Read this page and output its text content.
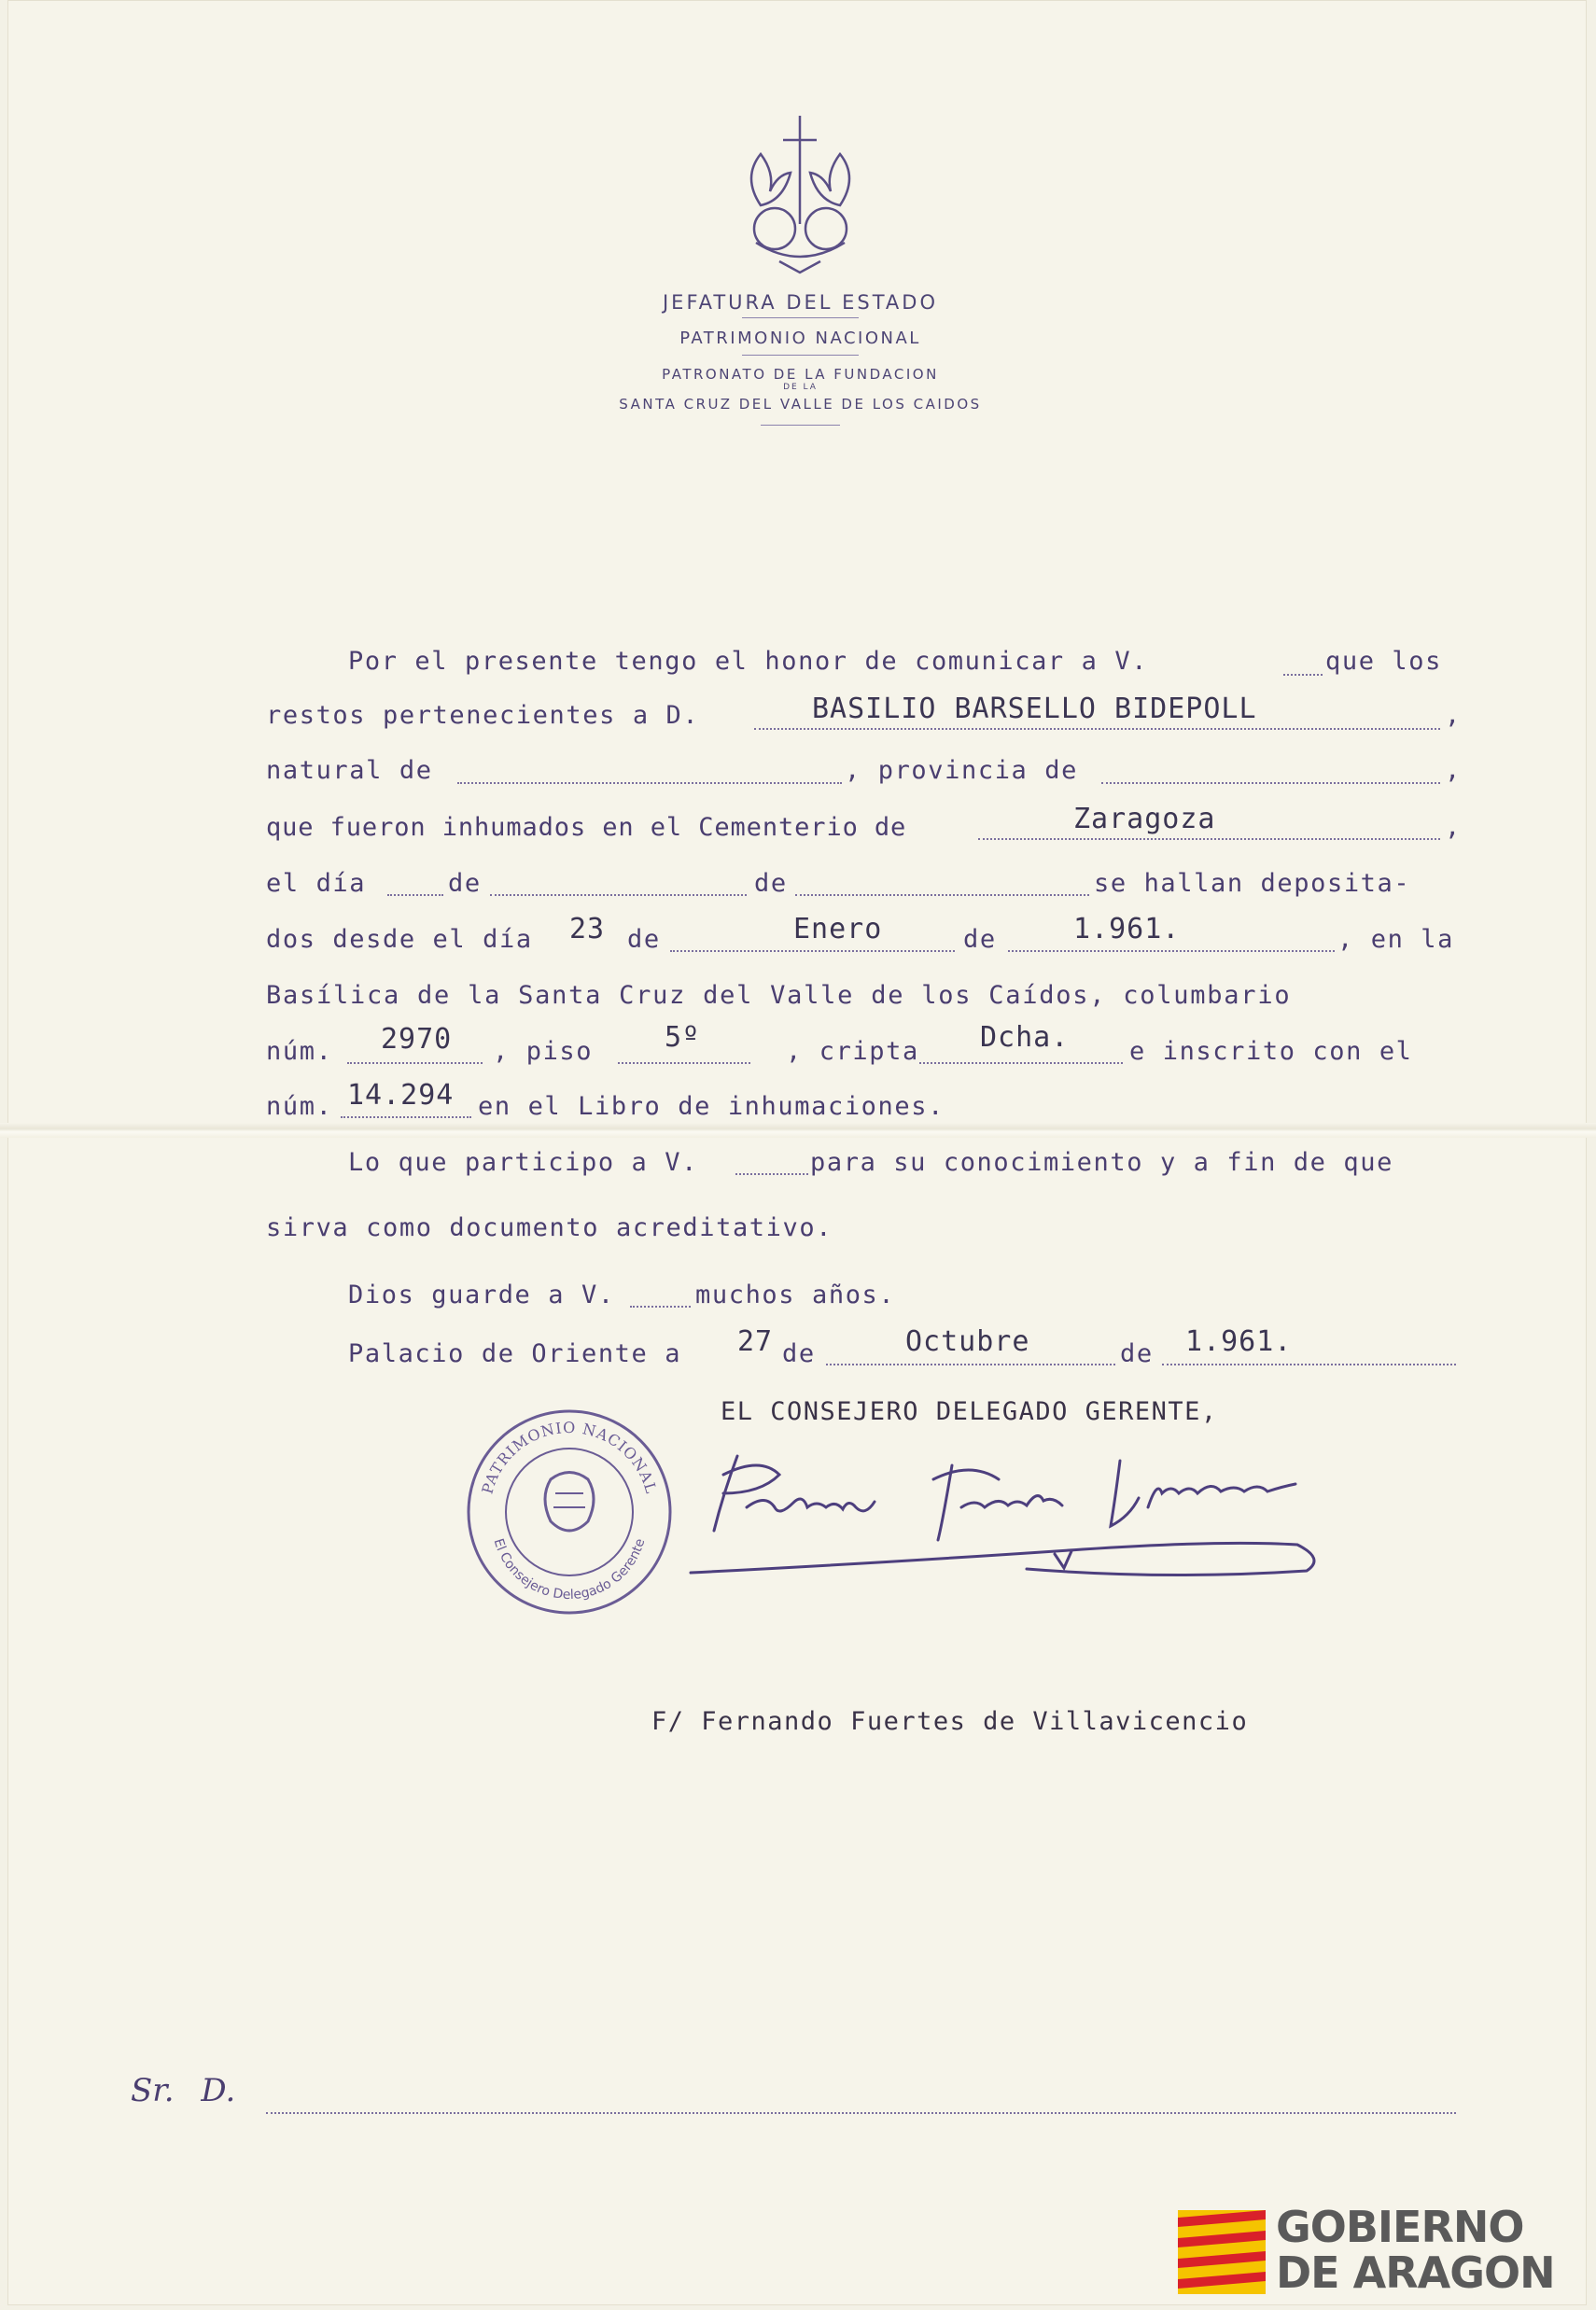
JEFATURA DEL ESTADO
PATRIMONIO NACIONAL
PATRONATO DE LA FUNDACION
DE LA
SANTA CRUZ DEL VALLE DE LOS CAIDOS
Por el presente tengo el honor de comunicar a V.	que los
restos pertenecientes a D.	BASILIO BARSELLO BIDEPOLL	,
natural de	, provincia de	,
que fueron inhumados en el Cementerio de	Zaragoza	,
el día	de	de	se hallan deposita-
dos desde el día 23 de	Enero	de	1.961.	, en la
Basílica de la Santa Cruz del Valle de los Caídos, columbario
núm. 2970 , piso	5º	, cripta Dcha. e inscrito con el
núm. 14.294 en el Libro de inhumaciones.
Lo que participo a V.	para su conocimiento y a fin de que
sirva como documento acreditativo.
Dios guarde a V.	muchos años.
Palacio de Oriente a 27 de	Octubre	de 1.961.
EL CONSEJERO DELEGADO GERENTE,
PATRIMONIO NACIONAL
El Consejero Delegado Gerente
F/ Fernando Fuertes de Villavicencio
Sr. D.
GOBIERNO
DE ARAGON
